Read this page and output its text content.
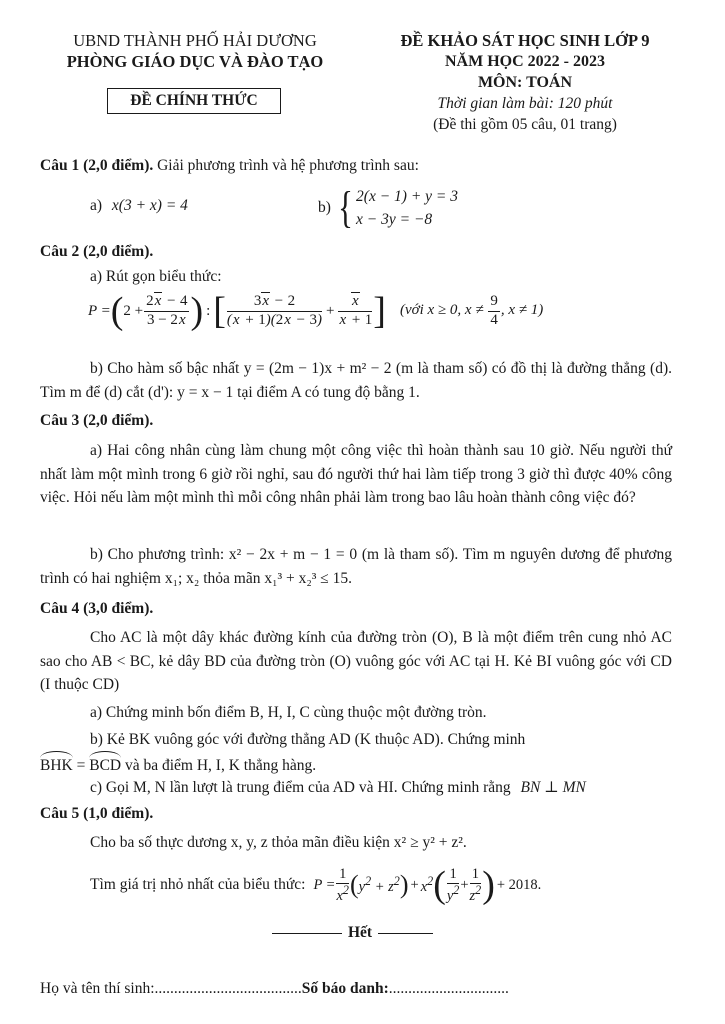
UBND THÀNH PHỐ HẢI DƯƠNG
PHÒNG GIÁO DỤC VÀ ĐÀO TẠO
ĐỀ CHÍNH THỨC
ĐỀ KHẢO SÁT HỌC SINH LỚP 9
NĂM HỌC 2022 - 2023
MÔN: TOÁN
Thời gian làm bài: 120 phút
(Đề thi gồm 05 câu, 01 trang)
Câu 1 (2,0 điểm). Giải phương trình và hệ phương trình sau:
a) x(3 + x) = 4	b) { 2(x − 1) + y = 3
x − 3y = −8
Câu 2 (2,0 điểm).
a) Rút gọn biểu thức:
P = ( $2 + \frac{2x - 4}{3 - 2x}$ ) : [ $\frac{3x - 2}{(x + 1)(2x - 3)} + \frac{x}{x + 1}$ ] (với x ≥ 0, $x \ne \frac{9}{4}$ , x ≠ 1)
b) Cho hàm số bậc nhất y = (2m − 1)x + m² − 2 (m là tham số) có đồ thị là đường thẳng (d). Tìm m để (d) cắt (d'): y = x − 1 tại điểm A có tung độ bằng 1.
Câu 3 (2,0 điểm).
a) Hai công nhân cùng làm chung một công việc thì hoàn thành sau 10 giờ. Nếu người thứ nhất làm một mình trong 6 giờ rồi nghỉ, sau đó người thứ hai làm tiếp trong 3 giờ thì được 40% công việc. Hỏi nếu làm một mình thì mỗi công nhân phải làm trong bao lâu hoàn thành công việc đó?
b) Cho phương trình: x² − 2x + m − 1 = 0 (m là tham số). Tìm m nguyên dương để phương trình có hai nghiệm x₁; x₂ thỏa mãn x₁³ + x₂³ ≤ 15.
Câu 4 (3,0 điểm).
Cho AC là một dây khác đường kính của đường tròn (O), B là một điểm trên cung nhỏ AC sao cho AB < BC, kẻ dây BD của đường tròn (O) vuông góc với AC tại H. Kẻ BI vuông góc với CD (I thuộc CD)
a) Chứng minh bốn điểm B, H, I, C cùng thuộc một đường tròn.
b) Kẻ BK vuông góc với đường thẳng AD (K thuộc AD). Chứng minh
BHK = BCD và ba điểm H, I, K thẳng hàng.
c) Gọi M, N lần lượt là trung điểm của AD và HI. Chứng minh rằng BN ⊥ MN
Câu 5 (1,0 điểm).
Cho ba số thực dương x, y, z thỏa mãn điều kiện x² ≥ y² + z².
Tìm giá trị nhỏ nhất của biểu thức: $P = \frac{1}{x^2}$ ( $y^2 + z^2$ ) + $x^2$ ( $\frac{1}{y^2} + \frac{1}{z^2}$ ) + 2018.
Hết
Họ và tên thí sinh:......................................Số báo danh:...............................
